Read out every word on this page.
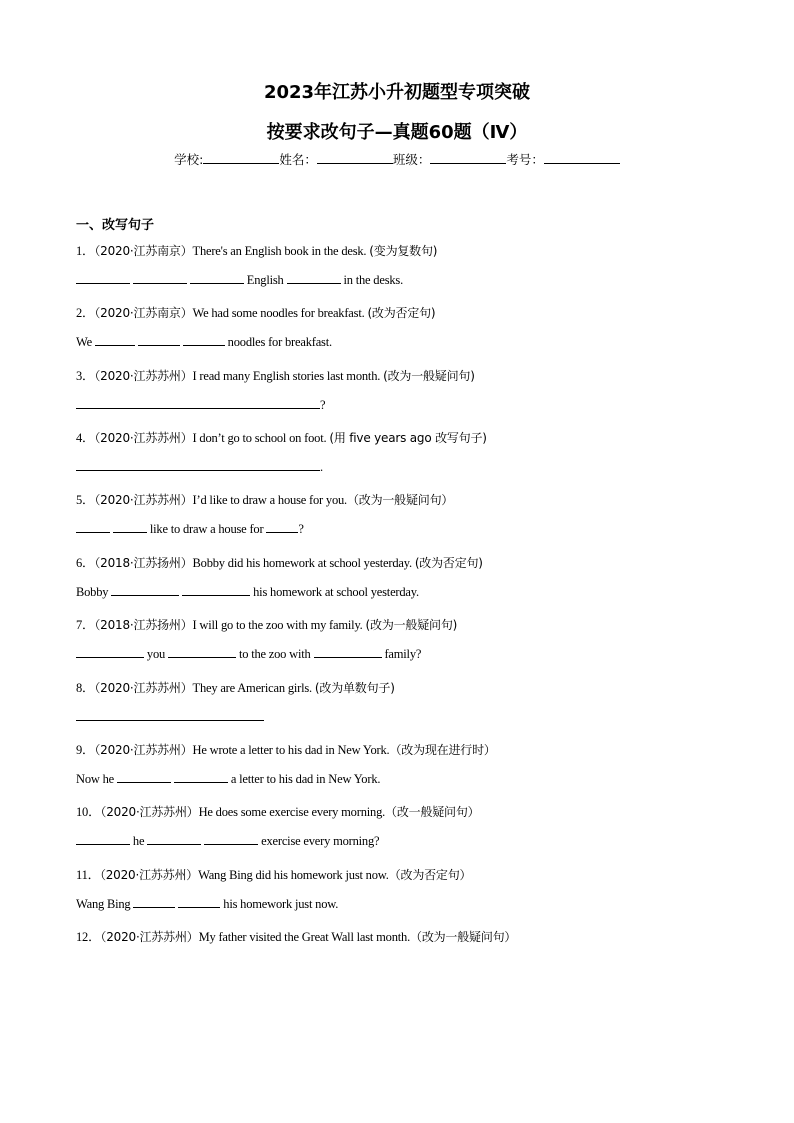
2023年江苏小升初题型专项突破
按要求改句子—真题60题（Ⅳ）
学校:	姓名：	班级：	考号：
一、改写句子
1．（2020·江苏南京）There's an English book in the desk. (变为复数句)
English	in the desks.
2．（2020·江苏南京）We had some noodles for breakfast. (改为否定句)
We	noodles for breakfast.
3．（2020·江苏苏州）I read many English stories last month. (改为一般疑问句)
?
4．（2020·江苏苏州）I don’t go to school on foot. (用 five years ago 改写句子)
.
5．（2020·江苏苏州）I’d like to draw a house for you.（改为一般疑问句）
like to draw a house for	?
6．（2018·江苏扬州）Bobby did his homework at school yesterday. (改为否定句)
Bobby	his homework at school yesterday.
7．（2018·江苏扬州）I will go to the zoo with my family. (改为一般疑问句)
you	to the zoo with	family?
8．（2020·江苏苏州）They are American girls. (改为单数句子)
9．（2020·江苏苏州）He wrote a letter to his dad in New York.（改为现在进行时）
Now he	a letter to his dad in New York.
10．（2020·江苏苏州）He does some exercise every morning.（改一般疑问句）
he	exercise every morning?
11．（2020·江苏苏州）Wang Bing did his homework just now.（改为否定句）
Wang Bing	his homework just now.
12．（2020·江苏苏州）My father visited the Great Wall last month.（改为一般疑问句）
